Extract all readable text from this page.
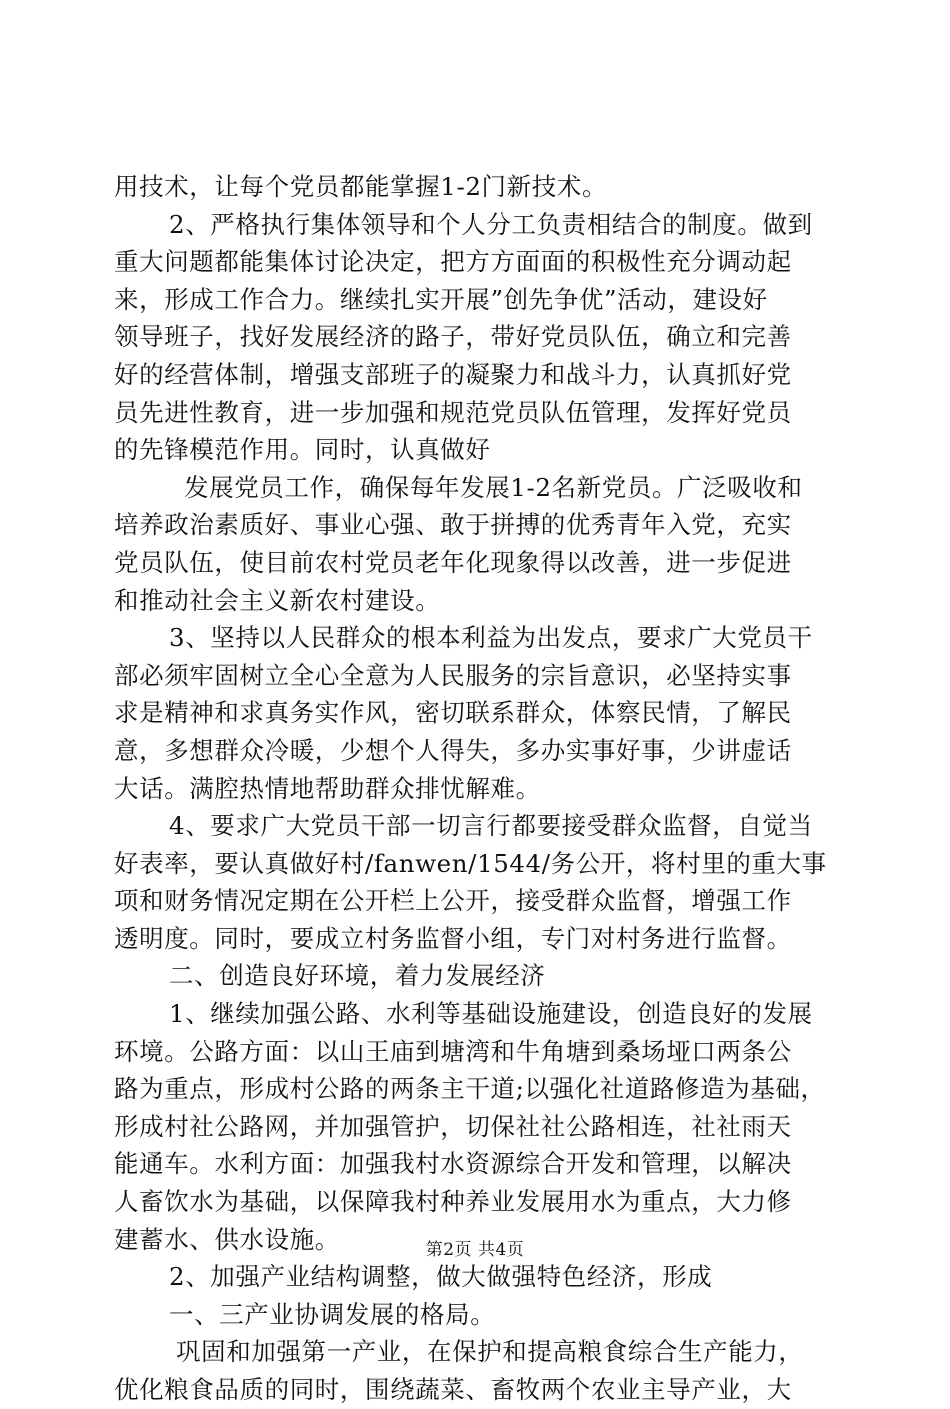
用技术，让每个党员都能掌握1-2门新技术。
2、严格执行集体领导和个人分工负责相结合的制度。做到
重大问题都能集体讨论决定，把方方面面的积极性充分调动起
来，形成工作合力。继续扎实开展”创先争优”活动，建设好
领导班子，找好发展经济的路子，带好党员队伍，确立和完善
好的经营体制，增强支部班子的凝聚力和战斗力，认真抓好党
员先进性教育，进一步加强和规范党员队伍管理，发挥好党员
的先锋模范作用。同时，认真做好
发展党员工作，确保每年发展1-2名新党员。广泛吸收和
培养政治素质好、事业心强、敢于拼搏的优秀青年入党，充实
党员队伍，使目前农村党员老年化现象得以改善，进一步促进
和推动社会主义新农村建设。
3、坚持以人民群众的根本利益为出发点，要求广大党员干
部必须牢固树立全心全意为人民服务的宗旨意识，必坚持实事
求是精神和求真务实作风，密切联系群众，体察民情，了解民
意，多想群众冷暖，少想个人得失，多办实事好事，少讲虚话
大话。满腔热情地帮助群众排忧解难。
4、要求广大党员干部一切言行都要接受群众监督，自觉当
好表率，要认真做好村/fanwen/1544/务公开，将村里的重大事
项和财务情况定期在公开栏上公开，接受群众监督，增强工作
透明度。同时，要成立村务监督小组，专门对村务进行监督。
二、创造良好环境，着力发展经济
1、继续加强公路、水利等基础设施建设，创造良好的发展
环境。公路方面：以山王庙到塘湾和牛角塘到桑场垭口两条公
路为重点，形成村公路的两条主干道;以强化社道路修造为基础，
形成村社公路网，并加强管护，切保社社公路相连，社社雨天
能通车。水利方面：加强我村水资源综合开发和管理，以解决
人畜饮水为基础，以保障我村种养业发展用水为重点，大力修
建蓄水、供水设施。
2、加强产业结构调整，做大做强特色经济，形成
一、三产业协调发展的格局。
巩固和加强第一产业，在保护和提高粮食综合生产能力，
优化粮食品质的同时，围绕蔬菜、畜牧两个农业主导产业，大
第2页 共4页
